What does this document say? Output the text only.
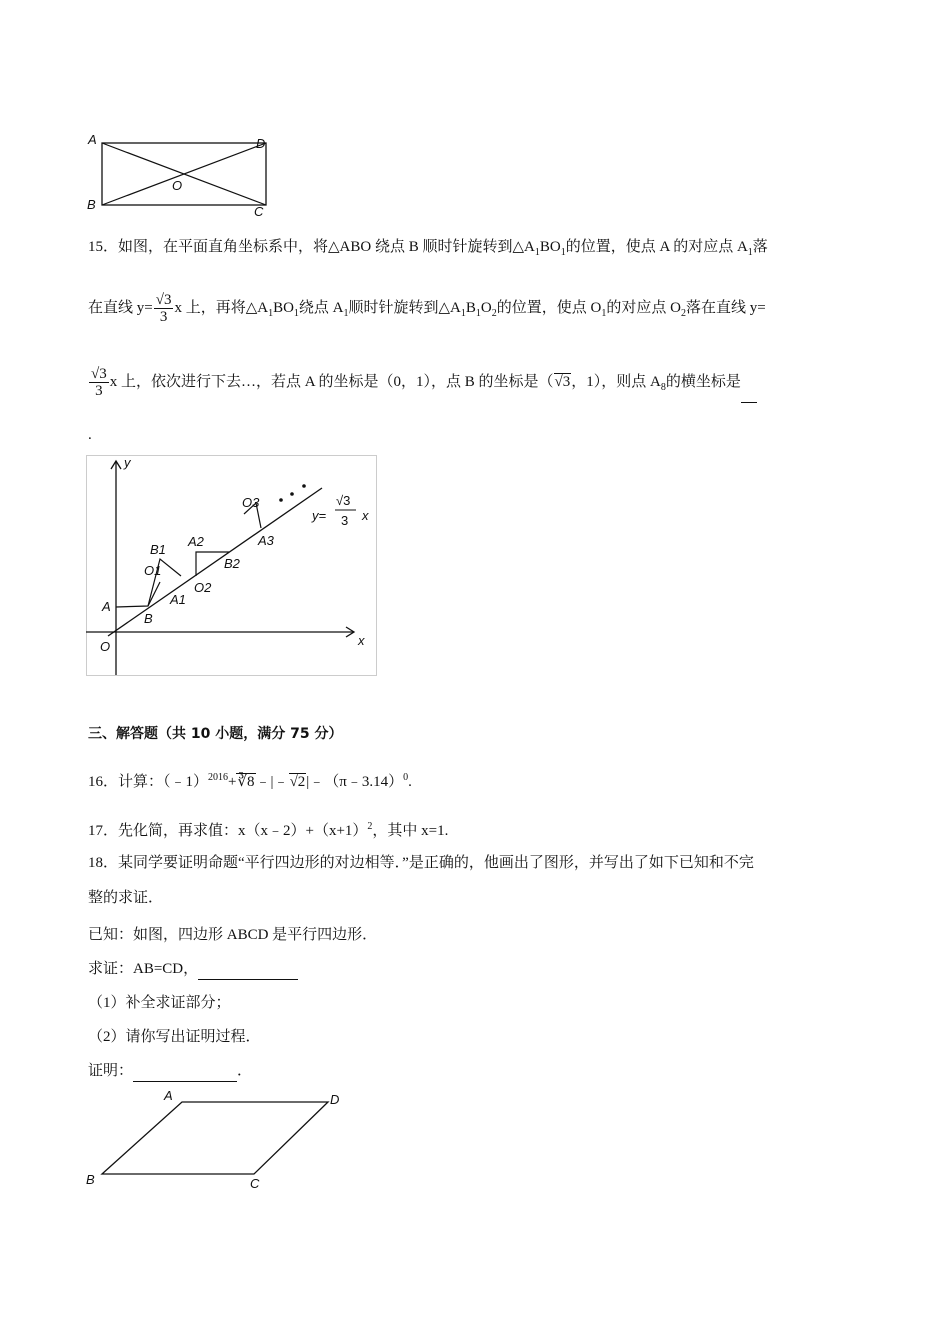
A	D
B	C
O
15．如图，在平面直角坐标系中，将△ABO 绕点 B 顺时针旋转到$\triangle A_1BO_1$的位置，使点 A 的对应点 $A_1$落
在直线 $y= \frac{√3}{3}$ x 上，再将$\triangle A_1BO_1$绕点 $A_1$顺时针旋转到$\triangle A_1B_1O_2$的位置，使点 $O_1$的对应点 $O_2$落在直线 y=
$\frac{√3}{3}$ x 上，依次进行下去…，若点 A 的坐标是（0，1），点 B 的坐标是（√3，1），则点 $A_8$的横坐标是
.
y
x
O
A
B
B1
O1
A1
A2
O2
B2
O3
A3
y=
√3
3 x
三、解答题（共 10 小题，满分 75 分）
16．计算：（﹣1）$^{2016}$+∛8﹣|﹣√2|﹣（π﹣3.14）$^0$.
17．先化简，再求值：$x(x﹣2)+(x+1)^2$，其中 x=1.
18．某同学要证明命题“平行四边形的对边相等．”是正确的，他画出了图形，并写出了如下已知和不完
整的求证．
已知：如图，四边形 ABCD 是平行四边形．
求证：AB=CD，
（1）补全求证部分；
（2）请你写出证明过程．
证明：	．
A	D
B	C
